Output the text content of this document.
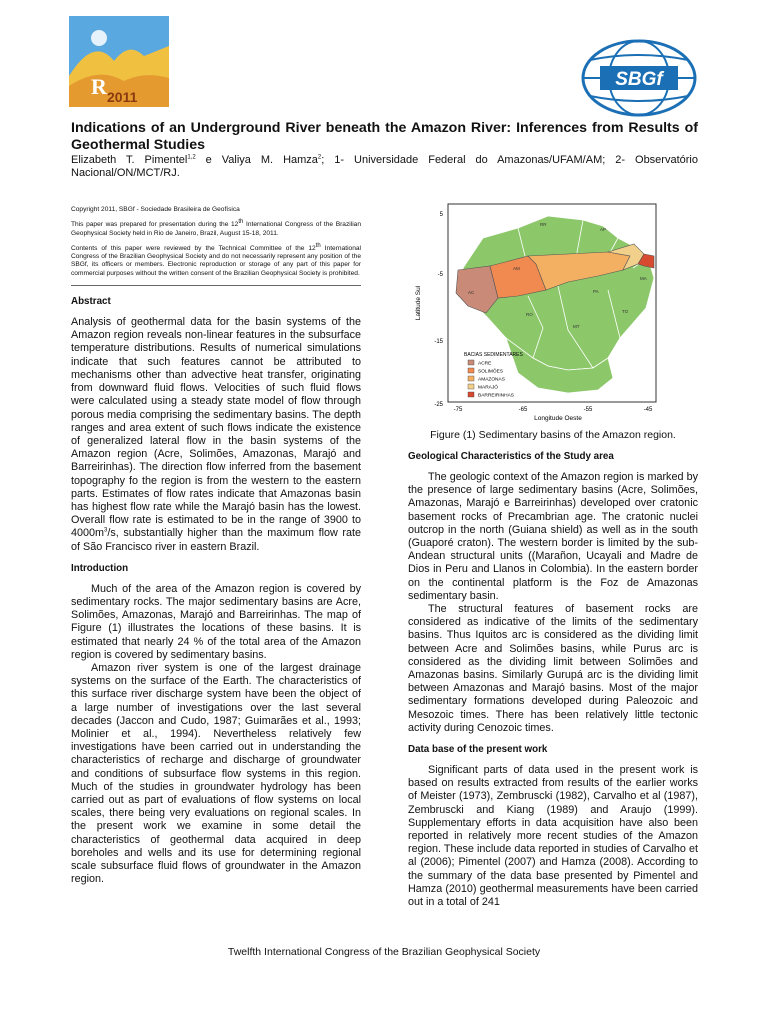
R 2011
SBGf
Indications of an Underground River beneath the Amazon River: Inferences from Results of Geothermal Studies
Elizabeth T. Pimentel$^{1,2}$ e Valiya M. Hamza$^2$; 1- Universidade Federal do Amazonas/UFAM/AM; 2- Observatório Nacional/ON/MCT/RJ.

Copyright 2011, SBGf - Sociedade Brasileira de Geofísica

This paper was prepared for presentation during the 12th International Congress of the Brazilian Geophysical Society held in Rio de Janeiro, Brazil, August 15-18, 2011.

Contents of this paper were reviewed by the Technical Committee of the 12th International Congress of the Brazilian Geophysical Society and do not necessarily represent any position of the SBGf, its officers or members. Electronic reproduction or storage of any part of this paper for commercial purposes without the written consent of the Brazilian Geophysical Society is prohibited.

Abstract

Analysis of geothermal data for the basin systems of the Amazon region reveals non-linear features in the subsurface temperature distributions. Results of numerical simulations indicate that such features cannot be attributed to mechanisms other than advective heat transfer, originating from downward fluid flows. Velocities of such fluid flows were calculated using a steady state model of flow through porous media comprising the sedimentary basins. The depth ranges and area extent of such flows indicate the existence of generalized lateral flow in the basin systems of the Amazon region (Acre, Solimões, Amazonas, Marajó and Barreirinhas). The direction flow inferred from the basement topography fo the region is from the western to the eastern parts. Estimates of flow rates indicate that Amazonas basin has highest flow rate while the Marajó basin has the lowest. Overall flow rate is estimated to be in the range of 3900 to $4000m^3/s$, substantially higher than the maximum flow rate of São Francisco river in eastern Brazil.

Introduction

Much of the area of the Amazon region is covered by sedimentary rocks. The major sedimentary basins are Acre, Solimões, Amazonas, Marajó and Barreirinhas. The map of Figure (1) illustrates the locations of these basins. It is estimated that nearly 24 % of the total area of the Amazon region is covered by sedimentary basins.

Amazon river system is one of the largest drainage systems on the surface of the Earth. The characteristics of this surface river discharge system have been the object of a large number of investigations over the last several decades (Jaccon and Cudo, 1987; Guimarães et al., 1993; Molinier et al., 1994). Nevertheless relatively few investigations have been carried out in understanding the characteristics of recharge and discharge of groundwater and conditions of subsurface flow systems in this region. Much of the studies in groundwater hydrology has been carried out as part of evaluations of flow systems on local scales, there being very evaluations on regional scales. In the present work we examine in some detail the characteristics of geothermal data acquired in deep boreholes and wells and its use for determining regional scale subsurface fluid flows of groundwater in the Amazon region.

RR
AP
AM
PA
MA
AC
RO
MT
TO
5
-5
-15
-25
-75	-65	-55	-45
Latitude Sul
Longitude Oeste
BACIAS SEDIMENTARES
ACRE
SOLIMÕES
AMAZONAS
MARAJÓ
BARREIRINHAS
Figure (1) Sedimentary basins of the Amazon region.
Geological Characteristics of the Study area

The geologic context of the Amazon region is marked by the presence of large sedimentary basins (Acre, Solimões, Amazonas, Marajó e Barreirinhas) developed over cratonic basement rocks of Precambrian age. The cratonic nuclei outcrop in the north (Guiana shield) as well as in the south (Guaporé craton). The western border is limited by the sub-Andean structural units ((Marañon, Ucayali and Madre de Dios in Peru and Llanos in Colombia). In the eastern border on the continental platform is the Foz de Amazonas sedimentary basin.

The structural features of basement rocks are considered as indicative of the limits of the sedimentary basins. Thus Iquitos arc is considered as the dividing limit between Acre and Solimões basins, while Purus arc is considered as the dividing limit between Solimões and Amazonas basins. Similarly Gurupá arc is the dividing limit between Amazonas and Marajó basins. Most of the major sedimentary formations developed during Paleozoic and Mesozoic times. There has been relatively little tectonic activity during Cenozoic times.

Data base of the present work

Significant parts of data used in the present work is based on results extracted from results of the earlier works of Meister (1973), Zembruscki (1982), Carvalho et al (1987), Zembruscki and Kiang (1989) and Araujo (1999). Supplementary efforts in data acquisition have also been reported in relatively more recent studies of the Amazon region. These include data reported in studies of Carvalho et al (2006); Pimentel (2007) and Hamza (2008). According to the summary of the data base presented by Pimentel and Hamza (2010) geothermal measurements have been carried out in a total of 241

Twelfth International Congress of the Brazilian Geophysical Society
